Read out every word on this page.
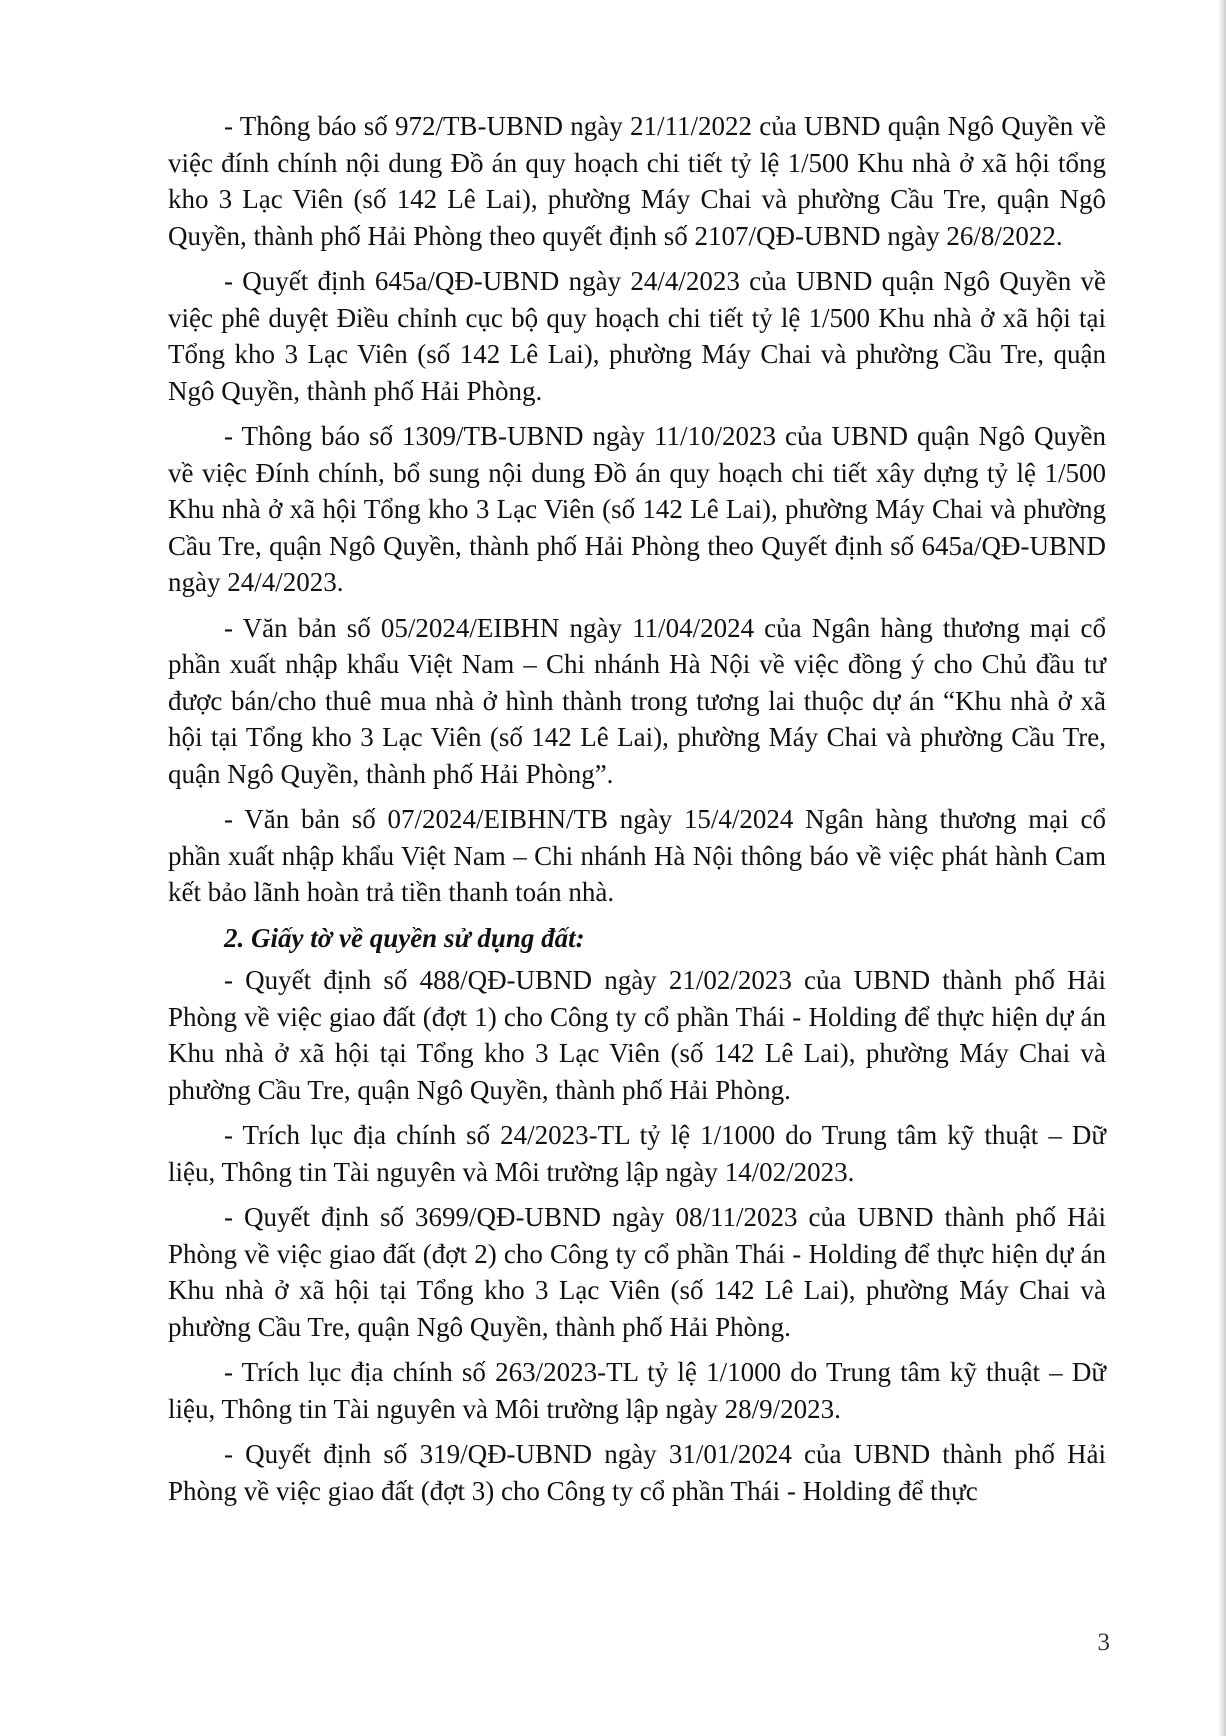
- Thông báo số 972/TB-UBND ngày 21/11/2022 của UBND quận Ngô Quyền về việc đính chính nội dung Đồ án quy hoạch chi tiết tỷ lệ 1/500 Khu nhà ở xã hội tổng kho 3 Lạc Viên (số 142 Lê Lai), phường Máy Chai và phường Cầu Tre, quận Ngô Quyền, thành phố Hải Phòng theo quyết định số 2107/QĐ-UBND ngày 26/8/2022.

- Quyết định 645a/QĐ-UBND ngày 24/4/2023 của UBND quận Ngô Quyền về việc phê duyệt Điều chỉnh cục bộ quy hoạch chi tiết tỷ lệ 1/500 Khu nhà ở xã hội tại Tổng kho 3 Lạc Viên (số 142 Lê Lai), phường Máy Chai và phường Cầu Tre, quận Ngô Quyền, thành phố Hải Phòng.

- Thông báo số 1309/TB-UBND ngày 11/10/2023 của UBND quận Ngô Quyền về việc Đính chính, bổ sung nội dung Đồ án quy hoạch chi tiết xây dựng tỷ lệ 1/500 Khu nhà ở xã hội Tổng kho 3 Lạc Viên (số 142 Lê Lai), phường Máy Chai và phường Cầu Tre, quận Ngô Quyền, thành phố Hải Phòng theo Quyết định số 645a/QĐ-UBND ngày 24/4/2023.

- Văn bản số 05/2024/EIBHN ngày 11/04/2024 của Ngân hàng thương mại cổ phần xuất nhập khẩu Việt Nam – Chi nhánh Hà Nội về việc đồng ý cho Chủ đầu tư được bán/cho thuê mua nhà ở hình thành trong tương lai thuộc dự án “Khu nhà ở xã hội tại Tổng kho 3 Lạc Viên (số 142 Lê Lai), phường Máy Chai và phường Cầu Tre, quận Ngô Quyền, thành phố Hải Phòng”.

- Văn bản số 07/2024/EIBHN/TB ngày 15/4/2024 Ngân hàng thương mại cổ phần xuất nhập khẩu Việt Nam – Chi nhánh Hà Nội thông báo về việc phát hành Cam kết bảo lãnh hoàn trả tiền thanh toán nhà.

2. Giấy tờ về quyền sử dụng đất:

- Quyết định số 488/QĐ-UBND ngày 21/02/2023 của UBND thành phố Hải Phòng về việc giao đất (đợt 1) cho Công ty cổ phần Thái - Holding để thực hiện dự án Khu nhà ở xã hội tại Tổng kho 3 Lạc Viên (số 142 Lê Lai), phường Máy Chai và phường Cầu Tre, quận Ngô Quyền, thành phố Hải Phòng.

- Trích lục địa chính số 24/2023-TL tỷ lệ 1/1000 do Trung tâm kỹ thuật – Dữ liệu, Thông tin Tài nguyên và Môi trường lập ngày 14/02/2023.

- Quyết định số 3699/QĐ-UBND ngày 08/11/2023 của UBND thành phố Hải Phòng về việc giao đất (đợt 2) cho Công ty cổ phần Thái - Holding để thực hiện dự án Khu nhà ở xã hội tại Tổng kho 3 Lạc Viên (số 142 Lê Lai), phường Máy Chai và phường Cầu Tre, quận Ngô Quyền, thành phố Hải Phòng.

- Trích lục địa chính số 263/2023-TL tỷ lệ 1/1000 do Trung tâm kỹ thuật – Dữ liệu, Thông tin Tài nguyên và Môi trường lập ngày 28/9/2023.

- Quyết định số 319/QĐ-UBND ngày 31/01/2024 của UBND thành phố Hải Phòng về việc giao đất (đợt 3) cho Công ty cổ phần Thái - Holding để thực

3
